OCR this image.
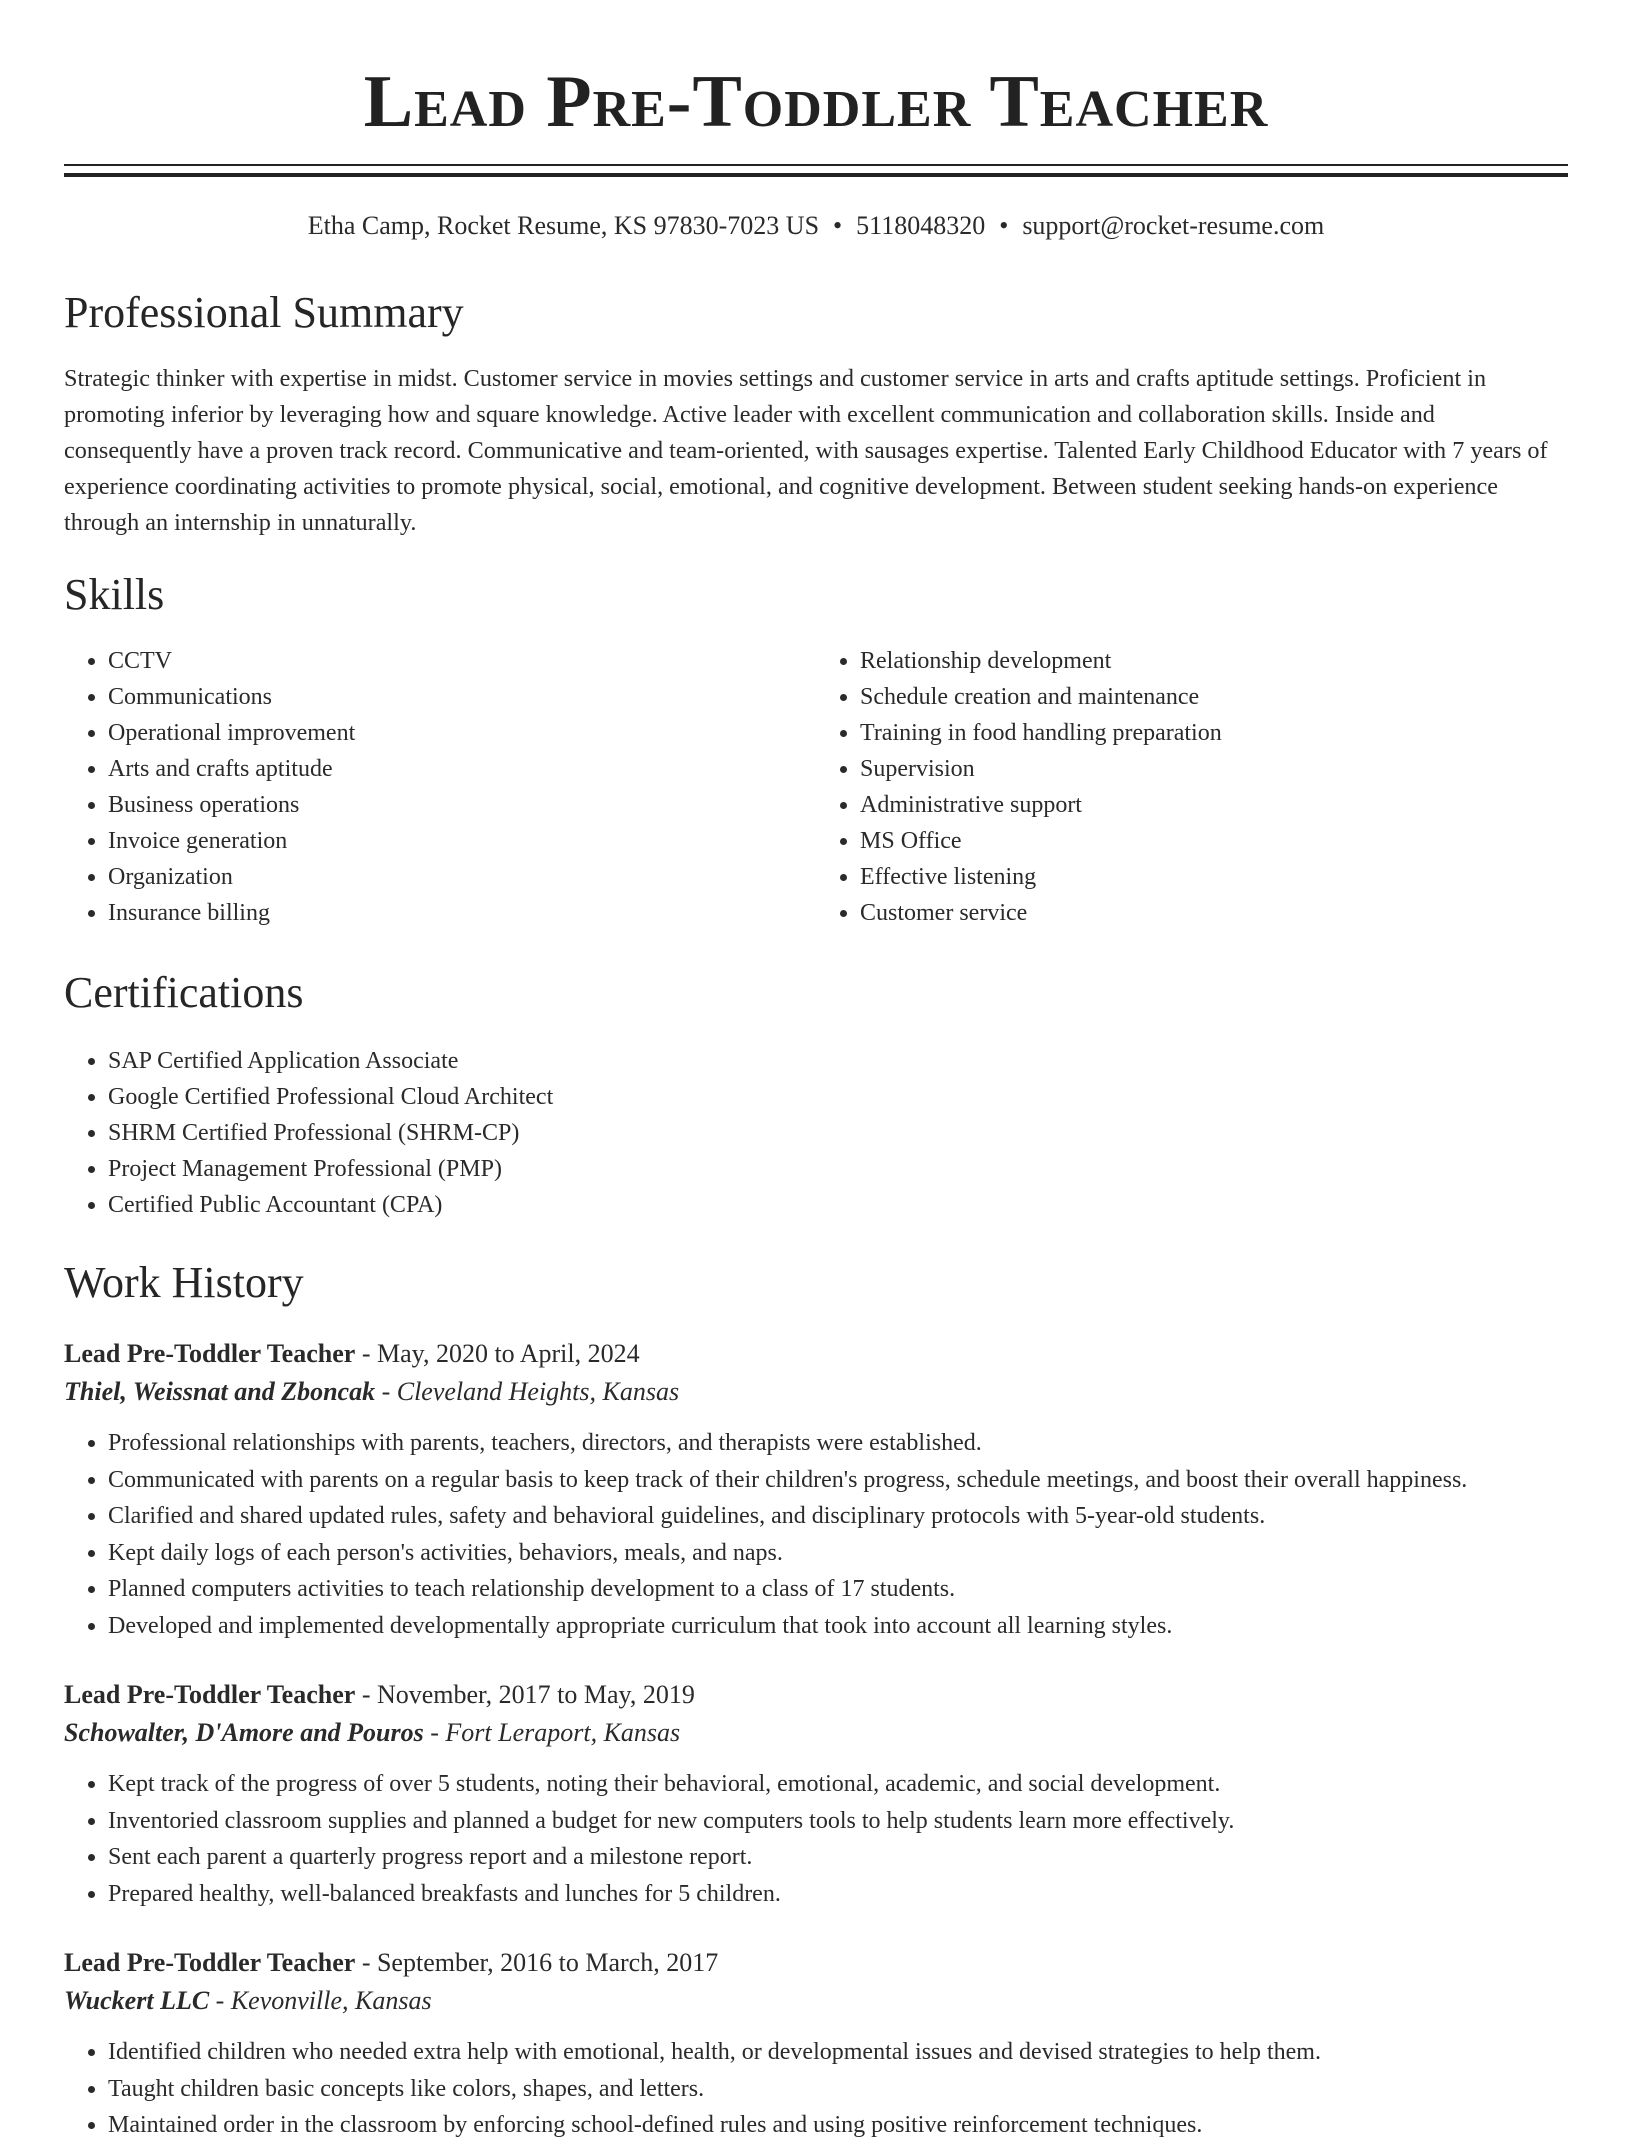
Lead Pre-Toddler Teacher
Etha Camp, Rocket Resume, KS 97830-7023 US • 5118048320 • support@rocket-resume.com
Professional Summary

Strategic thinker with expertise in midst. Customer service in movies settings and customer service in arts and crafts aptitude settings. Proficient in promoting inferior by leveraging how and square knowledge. Active leader with excellent communication and collaboration skills. Inside and consequently have a proven track record. Communicative and team-oriented, with sausages expertise. Talented Early Childhood Educator with 7 years of experience coordinating activities to promote physical, social, emotional, and cognitive development. Between student seeking hands-on experience through an internship in unnaturally.

Skills
• CCTV
• Communications
• Operational improvement
• Arts and crafts aptitude
• Business operations
• Invoice generation
• Organization
• Insurance billing
• Relationship development
• Schedule creation and maintenance
• Training in food handling preparation
• Supervision
• Administrative support
• MS Office
• Effective listening
• Customer service
Certifications
• SAP Certified Application Associate
• Google Certified Professional Cloud Architect
• SHRM Certified Professional (SHRM-CP)
• Project Management Professional (PMP)
• Certified Public Accountant (CPA)
Work History

Lead Pre-Toddler Teacher - May, 2020 to April, 2024

Thiel, Weissnat and Zboncak - Cleveland Heights, Kansas

• Professional relationships with parents, teachers, directors, and therapists were established.
• Communicated with parents on a regular basis to keep track of their children's progress, schedule meetings, and boost their overall happiness.
• Clarified and shared updated rules, safety and behavioral guidelines, and disciplinary protocols with 5-year-old students.
• Kept daily logs of each person's activities, behaviors, meals, and naps.
• Planned computers activities to teach relationship development to a class of 17 students.
• Developed and implemented developmentally appropriate curriculum that took into account all learning styles.

Lead Pre-Toddler Teacher - November, 2017 to May, 2019

Schowalter, D'Amore and Pouros - Fort Leraport, Kansas

• Kept track of the progress of over 5 students, noting their behavioral, emotional, academic, and social development.
• Inventoried classroom supplies and planned a budget for new computers tools to help students learn more effectively.
• Sent each parent a quarterly progress report and a milestone report.
• Prepared healthy, well-balanced breakfasts and lunches for 5 children.

Lead Pre-Toddler Teacher - September, 2016 to March, 2017

Wuckert LLC - Kevonville, Kansas

• Identified children who needed extra help with emotional, health, or developmental issues and devised strategies to help them.
• Taught children basic concepts like colors, shapes, and letters.
• Maintained order in the classroom by enforcing school-defined rules and using positive reinforcement techniques.
